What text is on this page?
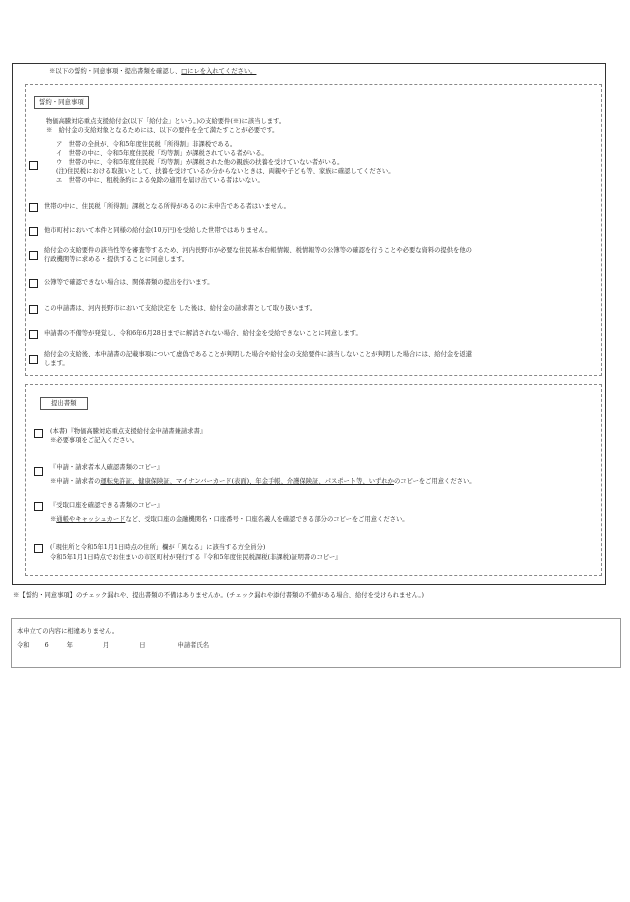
※以下の誓約・同意事項・提出書類を確認し、□にレを入れてください。
誓約・同意事項
物価高騰対応重点支援給付金(以下「給付金」という。)の支給要件(※)に該当します。
※　給付金の支給対象となるためには、以下の要件を全て満たすことが必要です。
ア　世帯の全員が、令和5年度住民税「所得割」非課税である。
イ　世帯の中に、令和5年度住民税「均等割」が課税されている者がいる。
ウ　世帯の中に、令和5年度住民税「均等割」が課税された他の親族の扶養を受けていない者がいる。
(注)住民税における取扱いとして、扶養を受けているか分からないときは、両親や子ども等、家族に確認してください。
エ　世帯の中に、租税条約による免除の適用を届け出ている者はいない。
世帯の中に、住民税「所得割」課税となる所得があるのに未申告である者はいません。
他市町村において本件と同様の給付金(10万円)を受給した世帯ではありません。
給付金の支給要件の該当性等を審査等するため、河内長野市が必要な住民基本台帳情報、税情報等の公簿等の確認を行うことや必要な資料の提供を他の
行政機関等に求める・提供することに同意します。
公簿等で確認できない場合は、関係書類の提出を行います。
この申請書は、河内長野市において支給決定を した後は、給付金の請求書として取り扱います。
申請書の不備等が発覚し、令和6年6月28日までに解消されない場合、給付金を受給できないことに同意します。
給付金の支給後、本申請書の記載事項について虚偽であることが判明した場合や給付金の支給要件に該当しないことが判明した場合には、給付金を返還
します。
提出書類
(本書)『物価高騰対応重点支援給付金申請書兼請求書』
※必要事項をご記入ください。
『申請・請求者本人確認書類のコピー』
※申請・請求者の運転免許証、健康保険証、マイナンバーカード(表面)、年金手帳、介護保険証、パスポート等、いずれかのコピーをご用意ください。
『受取口座を確認できる書類のコピー』
※通帳やキャッシュカードなど、受取口座の金融機関名・口座番号・口座名義人を確認できる部分のコピーをご用意ください。
(「現住所と令和5年1月1日時点の住所」欄が「異なる」に該当する方全員分)
令和5年1月1日時点でお住まいの市区町村が発行する『令和5年度住民税課税(非課税)証明書のコピー』
※【誓約・同意事項】のチェック漏れや、提出書類の不備はありませんか。(チェック漏れや添付書類の不備がある場合、給付を受けられません。)
本申立ての内容に相違ありません。
令和 6	年	月	日	申請者氏名
